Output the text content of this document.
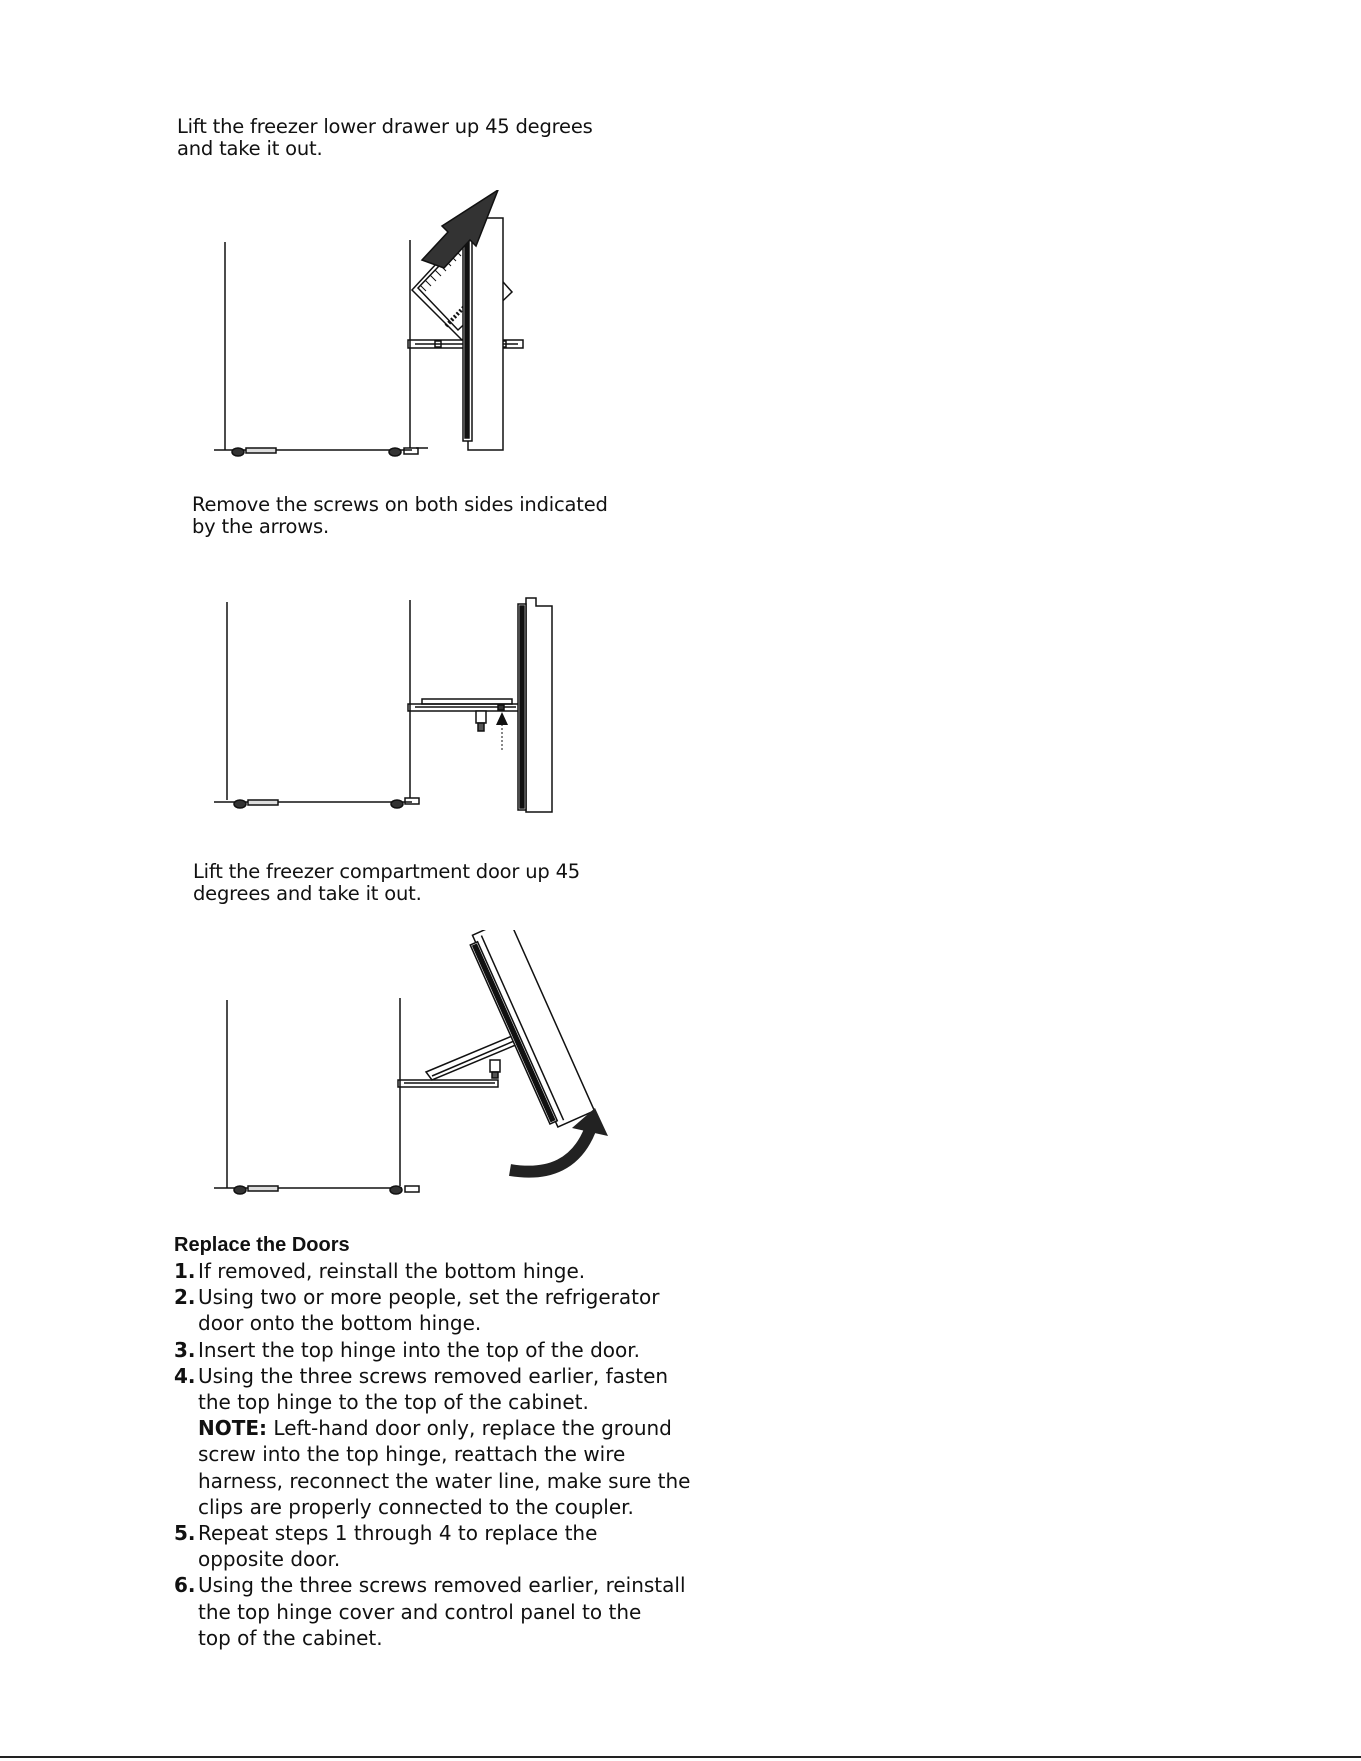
Lift the freezer lower drawer up 45 degrees
and take it out.
Remove the screws on both sides indicated
by the arrows.
Lift the freezer compartment door up 45
degrees and take it out.
Replace the Doors
1. If removed, reinstall the bottom hinge.
2. Using two or more people, set the refrigerator
door onto the bottom hinge.
3. Insert the top hinge into the top of the door.
4. Using the three screws removed earlier, fasten
the top hinge to the top of the cabinet.
NOTE: Left-hand door only, replace the ground
screw into the top hinge, reattach the wire
harness, reconnect the water line, make sure the
clips are properly connected to the coupler.
5. Repeat steps 1 through 4 to replace the
opposite door.
6. Using the three screws removed earlier, reinstall
the top hinge cover and control panel to the
top of the cabinet.
